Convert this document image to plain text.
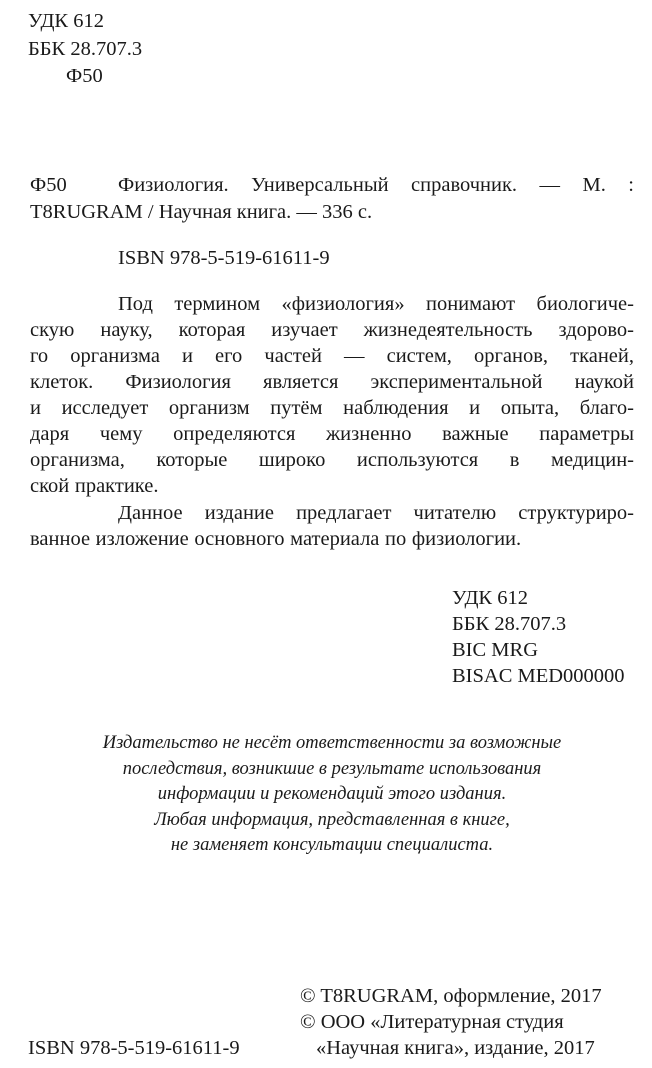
УДК 612
ББК 28.707.3
Ф50
Ф50	Физиология. Универсальный справочник. — М. :
T8RUGRAM / Научная книга. — 336 с.
ISBN 978-5-519-61611-9
Под термином «физиология» понимают биологиче-
скую науку, которая изучает жизнедеятельность здорово-
го организма и его частей — систем, органов, тканей,
клеток. Физиология является экспериментальной наукой
и исследует организм путём наблюдения и опыта, благо-
даря чему определяются жизненно важные параметры
организма, которые широко используются в медицин-
ской практике.
Данное издание предлагает читателю структуриро-
ванное изложение основного материала по физиологии.
УДК 612
ББК 28.707.3
BIC MRG
BISAC MED000000
Издательство не несёт ответственности за возможные
последствия, возникшие в результате использования
информации и рекомендаций этого издания.
Любая информация, представленная в книге,
не заменяет консультации специалиста.
© T8RUGRAM, оформление, 2017
© ООО «Литературная студия
ISBN 978-5-519-61611-9	«Научная книга», издание, 2017
